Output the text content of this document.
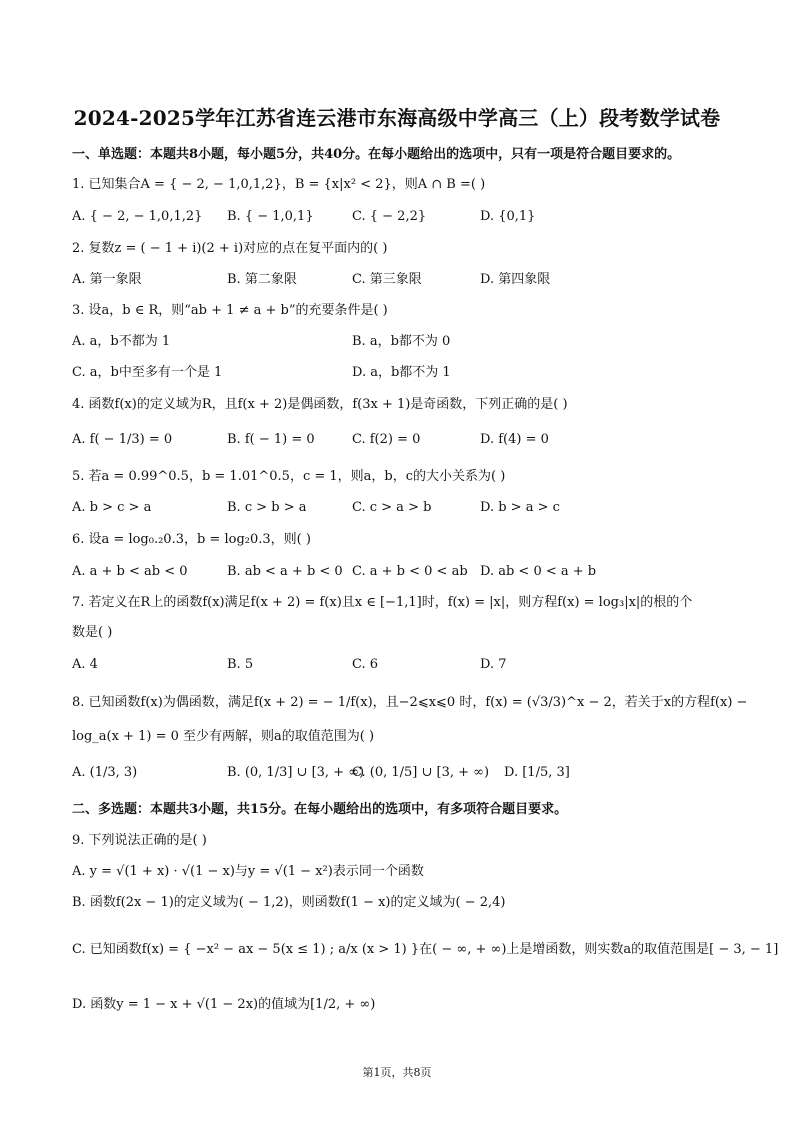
2024-2025学年江苏省连云港市东海高级中学高三（上）段考数学试卷
一、单选题：本题共8小题，每小题5分，共40分。在每小题给出的选项中，只有一项是符合题目要求的。
1. 已知集合A = { − 2, − 1,0,1,2}，B = {x|x² < 2}，则A ∩ B =( )
A. { − 2, − 1,0,1,2} B. { − 1,0,1}	C. { − 2,2}	D. {0,1}
2. 复数z = ( − 1 + i)(2 + i)对应的点在复平面内的( )
A. 第一象限	B. 第二象限	C. 第三象限	D. 第四象限
3. 设a，b ∈ R，则“ab + 1 ≠ a + b”的充要条件是( )
A. a，b不都为 1	B. a，b都不为 0
C. a，b中至多有一个是 1	D. a，b都不为 1
4. 函数f(x)的定义域为R，且f(x + 2)是偶函数，f(3x + 1)是奇函数，下列正确的是( )
A. f( − 1/3) = 0	B. f( − 1) = 0	C. f(2) = 0	D. f(4) = 0
5. 若a = 0.99^0.5，b = 1.01^0.5，c = 1，则a，b，c的大小关系为( )
A. b > c > a	B. c > b > a	C. c > a > b	D. b > a > c
6. 设a = log₀.₂0.3，b = log₂0.3，则( )
A. a + b < ab < 0	B. ab < a + b < 0 C. a + b < 0 < ab D. ab < 0 < a + b
7. 若定义在R上的函数f(x)满足f(x + 2) = f(x)且x ∈ [−1,1]时，f(x) = |x|，则方程f(x) = log₃|x|的根的个
数是( )
A. 4	B. 5	C. 6	D. 7
8. 已知函数f(x)为偶函数，满足f(x + 2) = − 1/f(x)，且−2⩽x⩽0 时，f(x) = (√3/3)^x − 2，若关于x的方程f(x) −
log_a(x + 1) = 0 至少有两解，则a的取值范围为( )
A. (1/3, 3)	B. (0, 1/3] ∪ [3, + ∞)
C. (0, 1/5] ∪ [3, + ∞) D. [1/5, 3]
二、多选题：本题共3小题，共15分。在每小题给出的选项中，有多项符合题目要求。
9. 下列说法正确的是( )
A. y = √(1 + x) · √(1 − x)与y = √(1 − x²)表示同一个函数
B. 函数f(2x − 1)的定义域为( − 1,2)，则函数f(1 − x)的定义域为( − 2,4)
C. 已知函数f(x) = { −x² − ax − 5(x ≤ 1) ; a/x (x > 1) }在( − ∞, + ∞)上是增函数，则实数a的取值范围是[ − 3, − 1]
D. 函数y = 1 − x + √(1 − 2x)的值域为[1/2, + ∞)
第1页，共8页
